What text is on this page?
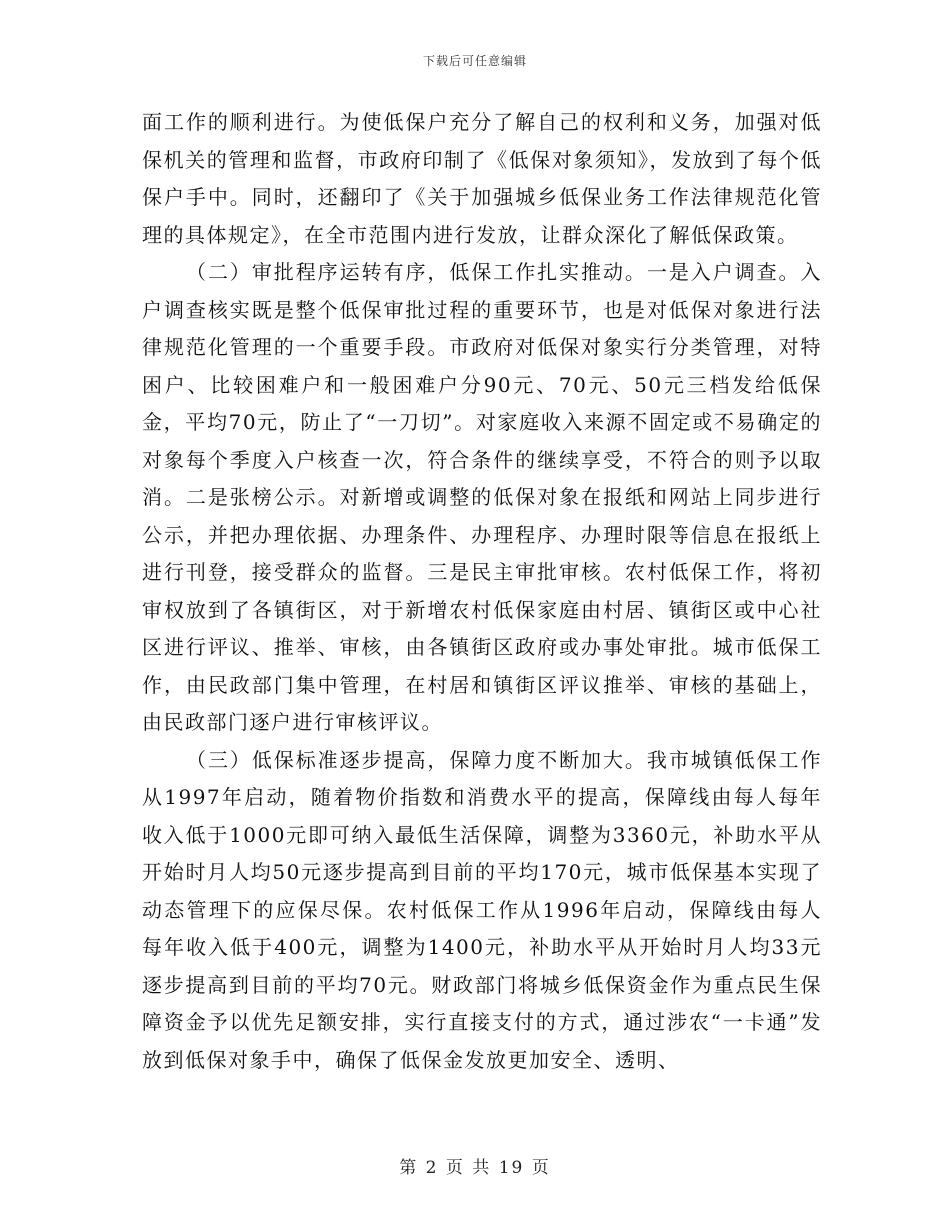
下载后可任意编辑

面工作的顺利进行。为使低保户充分了解自己的权利和义务，加强对低保机关的管理和监督，市政府印制了《低保对象须知》，发放到了每个低保户手中。同时，还翻印了《关于加强城乡低保业务工作法律规范化管理的具体规定》，在全市范围内进行发放，让群众深化了解低保政策。

（二）审批程序运转有序，低保工作扎实推动。一是入户调查。入户调查核实既是整个低保审批过程的重要环节，也是对低保对象进行法律规范化管理的一个重要手段。市政府对低保对象实行分类管理，对特困户、比较困难户和一般困难户分90元、70元、50元三档发给低保金，平均70元，防止了“一刀切”。对家庭收入来源不固定或不易确定的对象每个季度入户核查一次，符合条件的继续享受，不符合的则予以取消。二是张榜公示。对新增或调整的低保对象在报纸和网站上同步进行公示，并把办理依据、办理条件、办理程序、办理时限等信息在报纸上进行刊登，接受群众的监督。三是民主审批审核。农村低保工作，将初审权放到了各镇街区，对于新增农村低保家庭由村居、镇街区或中心社区进行评议、推举、审核，由各镇街区政府或办事处审批。城市低保工作，由民政部门集中管理，在村居和镇街区评议推举、审核的基础上，由民政部门逐户进行审核评议。

（三）低保标准逐步提高，保障力度不断加大。我市城镇低保工作从1997年启动，随着物价指数和消费水平的提高，保障线由每人每年收入低于1000元即可纳入最低生活保障，调整为3360元，补助水平从开始时月人均50元逐步提高到目前的平均170元，城市低保基本实现了动态管理下的应保尽保。农村低保工作从1996年启动，保障线由每人每年收入低于400元，调整为1400元，补助水平从开始时月人均33元逐步提高到目前的平均70元。财政部门将城乡低保资金作为重点民生保障资金予以优先足额安排，实行直接支付的方式，通过涉农“一卡通”发放到低保对象手中，确保了低保金发放更加安全、透明、

第 2 页 共 19 页
